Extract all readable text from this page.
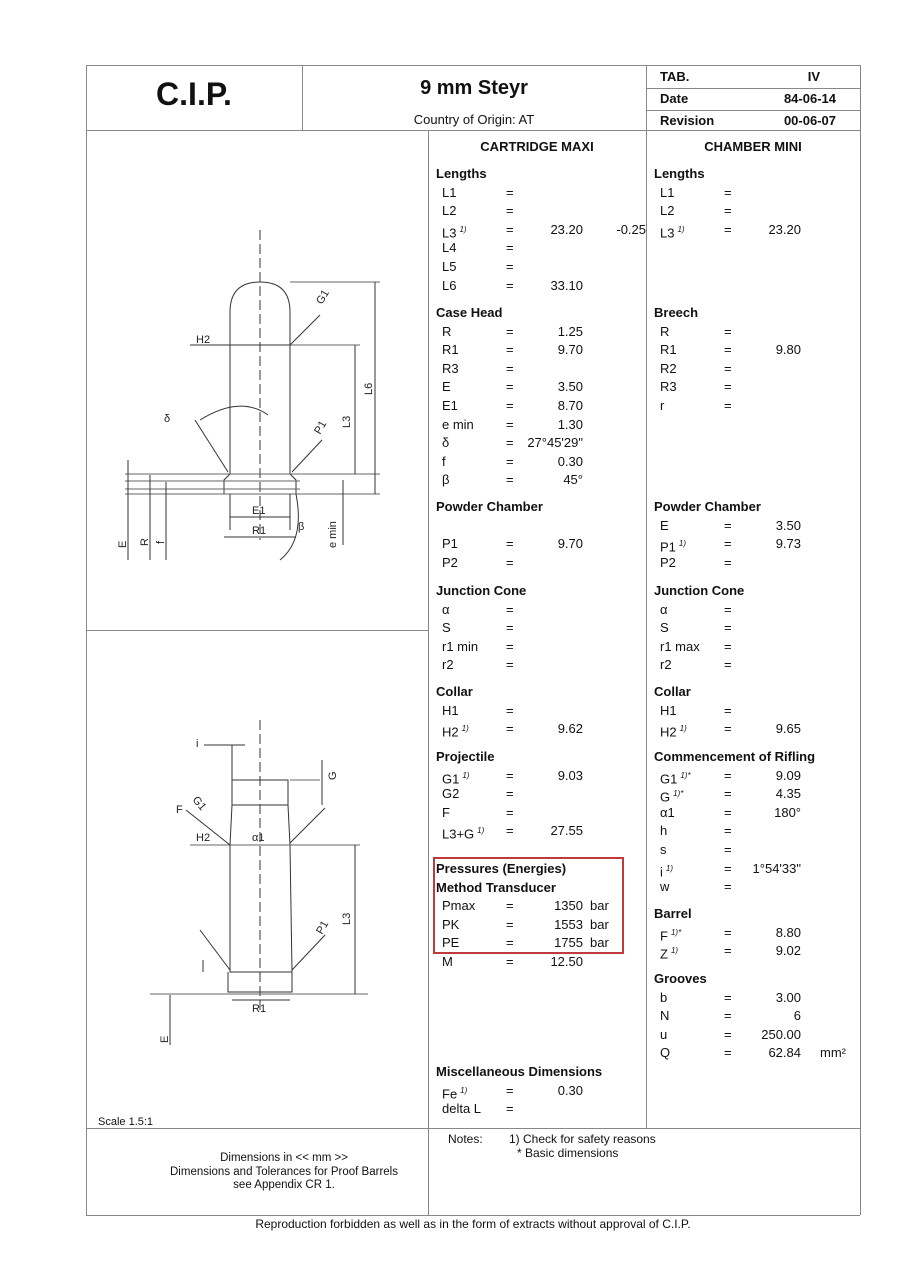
C.I.P.	9 mm Steyr
Country of Origin: AT
TAB.	IV
Date	84-06-14
Revision	00-06-07
CARTRIDGE MAXI	CHAMBER MINI
Lengths
L1	=
L2	=
L3 $^{1)}$	=	23.20	-0.25
L4	=
L5	=
L6	=	33.10
Case Head
R	=	1.25
R1	=	9.70
R3	=
E	=	3.50
E1	=	8.70
e min =	1.30
δ	= 27°45'29"
f	=	0.30
β	=	45°
Powder Chamber
P1	=	9.70
P2	=
Junction Cone
α	=
S	=
r1 min =
r2	=
Collar
H1	=
H2 $^{1)}$	=	9.62
Projectile
G1 $^{1)}$	=	9.03
G2	=
F	=
L3+G $^{1)}$ =	27.55
Pressures (Energies)
Method Transducer
Pmax =	1350 bar
PK	=	1553 bar
PE	=	1755 bar
M	=	12.50
Miscellaneous Dimensions
Fe $^{1)}$	=	0.30
delta L =
Lengths
L1	=
L2	=
L3 $^{1)}$	=	23.20
Breech
R	=
R1	=	9.80
R2	=
R3	=
r	=
Powder Chamber
E	=	3.50
P1 $^{1)}$	=	9.73
P2	=
Junction Cone
α	=
S	=
r1 max =
r2	=
Collar
H1	=
H2 $^{1)}$	=	9.65
Commencement of Rifling
G1 $^{1)*}$	=	9.09
G $^{1)*}$	=	4.35
α1	=	180°
h	=
s	=
i $^{1)}$	= 1°54'33"
w	=
Barrel
F $^{1)*}$	=	8.80
Z $^{1)}$	=	9.02
Grooves
b	=	3.00
N	=	6
u	= 250.00
Q	=	62.84 mm²
H2
G1
P1 L3
L6
δ
E1
R1	β e min
E R f
i
G1
F
G
H2	α1
P1 L3
R1
E
Scale 1.5:1
Dimensions in << mm >>
Dimensions and Tolerances for Proof Barrels
see Appendix CR 1.
Notes: 1) Check for safety reasons
* Basic dimensions
Reproduction forbidden as well as in the form of extracts without approval of C.I.P.
